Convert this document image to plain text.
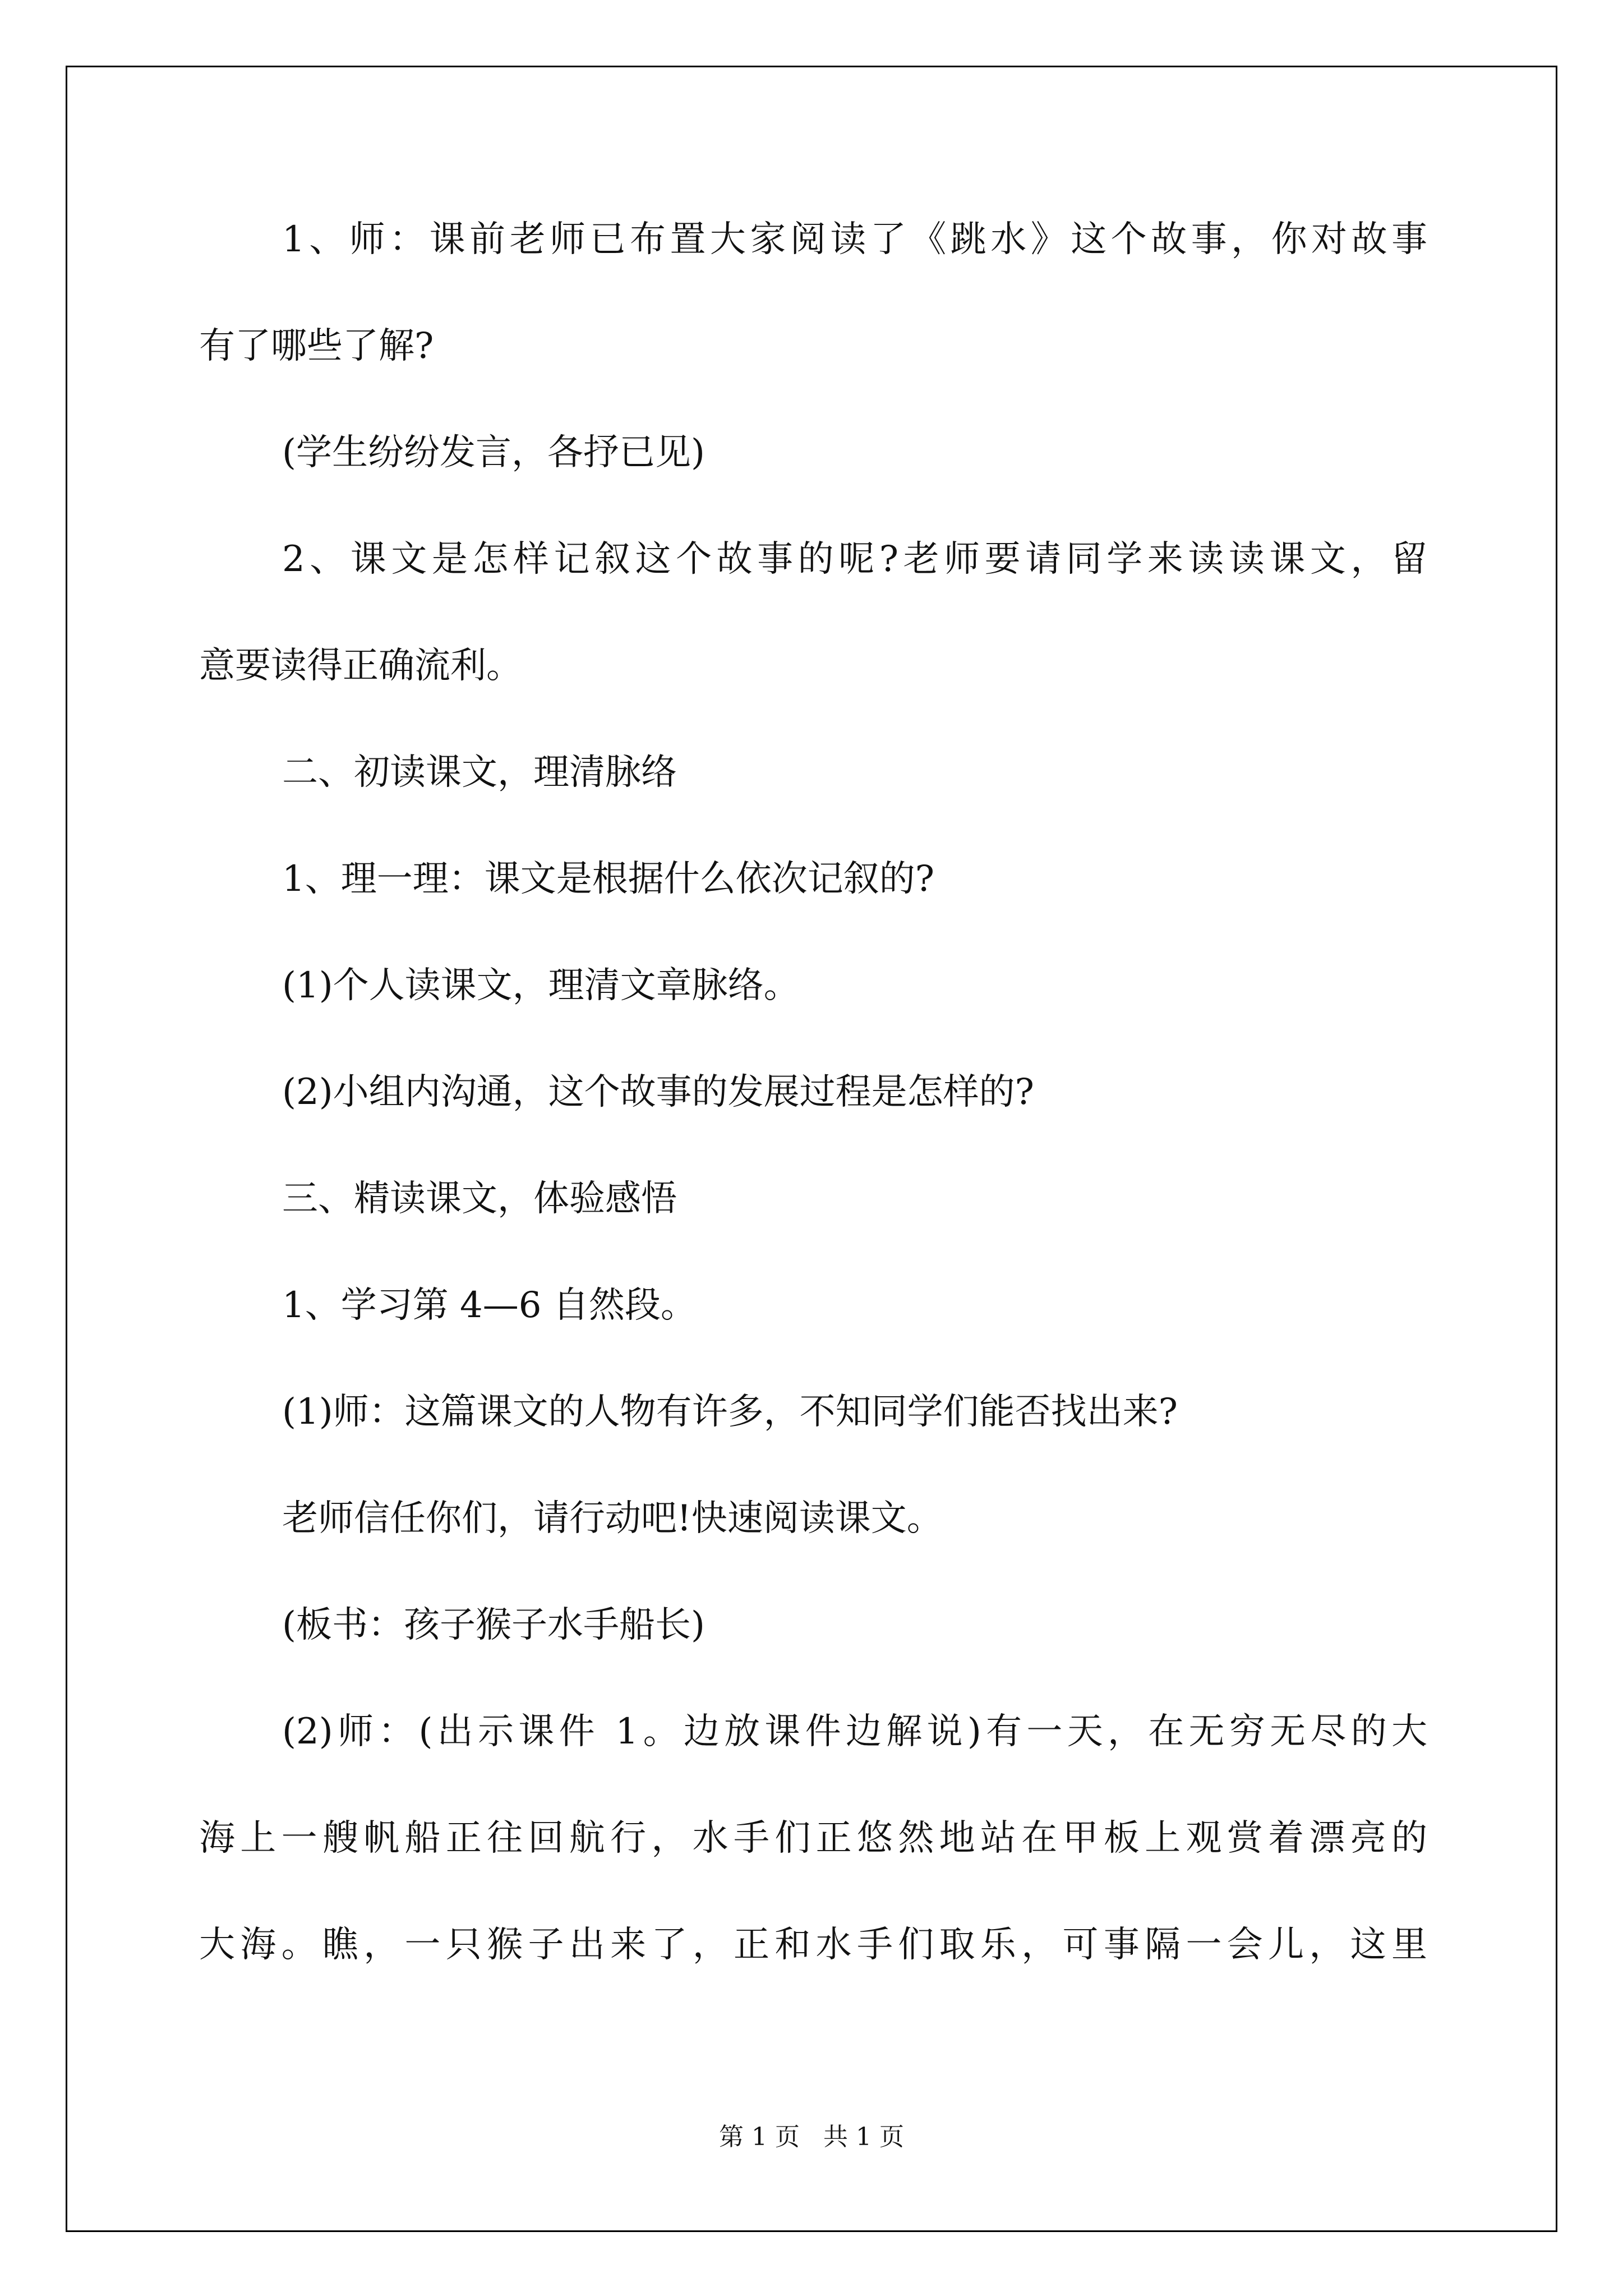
1、师：课前老师已布置大家阅读了《跳水》这个故事，你对故事
有了哪些了解?
(学生纷纷发言，各抒已见)
2、课文是怎样记叙这个故事的呢?老师要请同学来读读课文，留
意要读得正确流利。
二、初读课文，理清脉络
1、理一理：课文是根据什么依次记叙的?
(1)个人读课文，理清文章脉络。
(2)小组内沟通，这个故事的发展过程是怎样的?
三、精读课文，体验感悟
1、学习第 4—6 自然段。
(1)师：这篇课文的人物有许多，不知同学们能否找出来?
老师信任你们，请行动吧!快速阅读课文。
(板书：孩子猴子水手船长)
(2)师：(出示课件 1。边放课件边解说)有一天，在无穷无尽的大
海上一艘帆船正往回航行，水手们正悠然地站在甲板上观赏着漂亮的
大海。瞧，一只猴子出来了，正和水手们取乐，可事隔一会儿，这里
第 1 页 共 1 页
